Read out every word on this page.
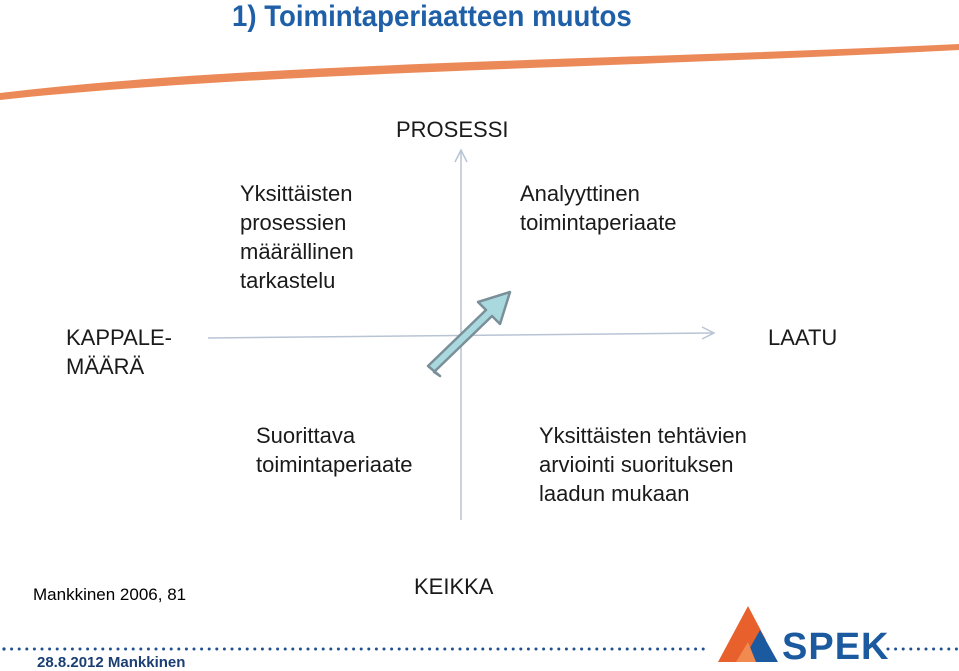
1) Toimintaperiaatteen muutos
PROSESSI
LAATU
KAPPALE-
MÄÄRÄ
KEIKKA
Yksittäisten
prosessien
määrällinen
tarkastelu
Analyyttinen
toimintaperiaate
Suorittava
toimintaperiaate
Yksittäisten tehtävien
arviointi suorituksen
laadun mukaan
Mankkinen 2006, 81
28.8.2012 Mankkinen	SPEK
